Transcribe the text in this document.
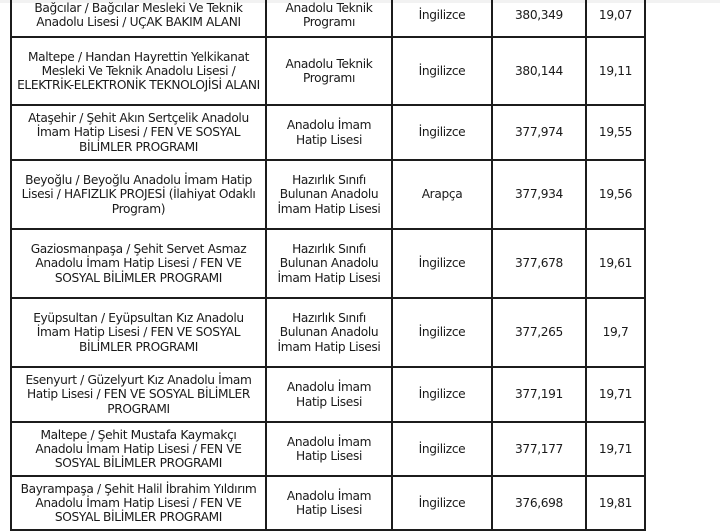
Bağcılar / Bağcılar Mesleki Ve Teknik Anadolu Lisesi / UÇAK BAKIM ALANI	Anadolu Teknik Programı	İngilizce	380,349	19,07
Maltepe / Handan Hayrettin Yelkikanat Mesleki Ve Teknik Anadolu Lisesi / ELEKTRİK-ELEKTRONİK TEKNOLOJİSİ ALANI	Anadolu Teknik Programı	İngilizce	380,144	19,11
Ataşehir / Şehit Akın Sertçelik Anadolu İmam Hatip Lisesi / FEN VE SOSYAL BİLİMLER PROGRAMI	Anadolu İmam Hatip Lisesi	İngilizce	377,974	19,55
Beyoğlu / Beyoğlu Anadolu İmam Hatip Lisesi / HAFIZLIK PROJESİ (İlahiyat Odaklı Program)	Hazırlık Sınıfı Bulunan Anadolu İmam Hatip Lisesi	Arapça	377,934	19,56
Gaziosmanpaşa / Şehit Servet Asmaz Anadolu İmam Hatip Lisesi / FEN VE SOSYAL BİLİMLER PROGRAMI	Hazırlık Sınıfı Bulunan Anadolu İmam Hatip Lisesi	İngilizce	377,678	19,61
Eyüpsultan / Eyüpsultan Kız Anadolu İmam Hatip Lisesi / FEN VE SOSYAL BİLİMLER PROGRAMI	Hazırlık Sınıfı Bulunan Anadolu İmam Hatip Lisesi	İngilizce	377,265	19,7
Esenyurt / Güzelyurt Kız Anadolu İmam Hatip Lisesi / FEN VE SOSYAL BİLİMLER PROGRAMI	Anadolu İmam Hatip Lisesi	İngilizce	377,191	19,71
Maltepe / Şehit Mustafa Kaymakçı Anadolu İmam Hatip Lisesi / FEN VE SOSYAL BİLİMLER PROGRAMI	Anadolu İmam Hatip Lisesi	İngilizce	377,177	19,71
Bayrampaşa / Şehit Halil İbrahim Yıldırım Anadolu İmam Hatip Lisesi / FEN VE SOSYAL BİLİMLER PROGRAMI	Anadolu İmam Hatip Lisesi	İngilizce	376,698	19,81
